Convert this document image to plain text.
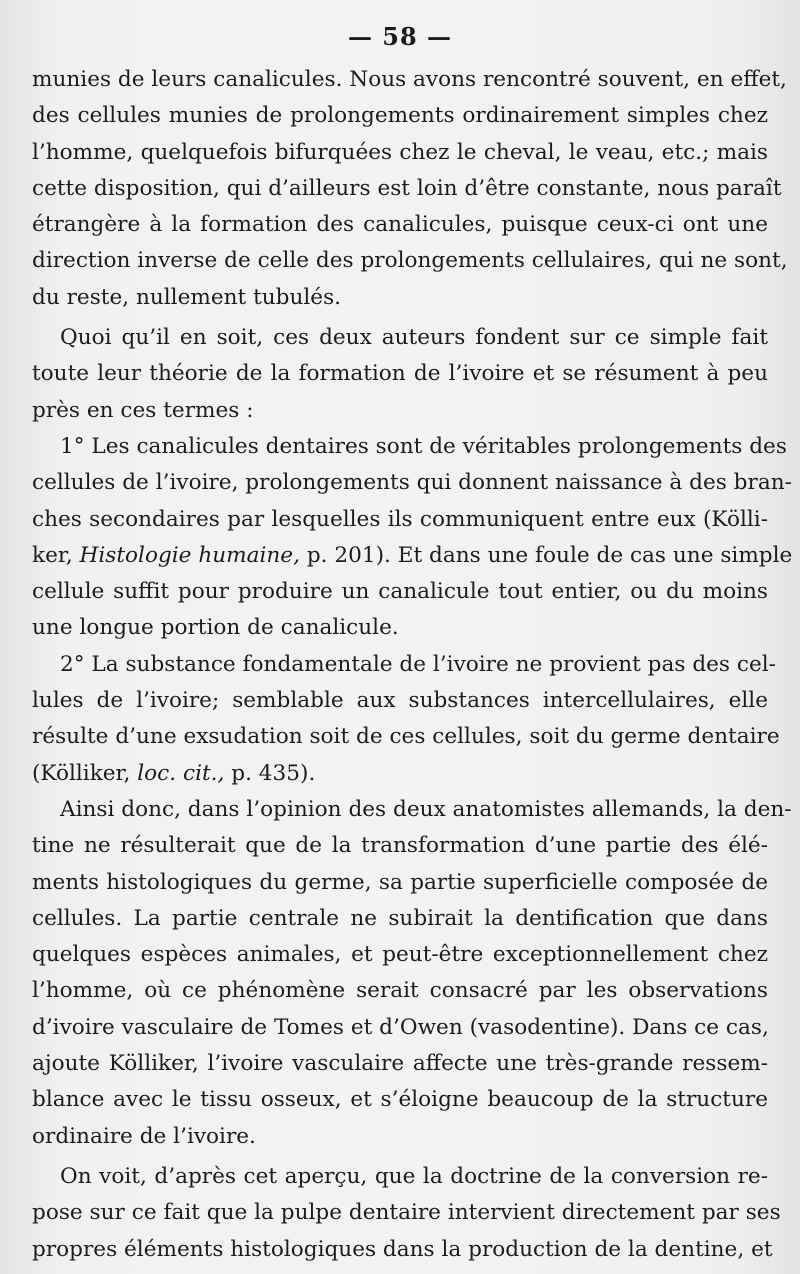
— 58 —
munies de leurs canalicules. Nous avons rencontré souvent, en effet,
des cellules munies de prolongements ordinairement simples chez
l’homme, quelquefois bifurquées chez le cheval, le veau, etc.; mais
cette disposition, qui d’ailleurs est loin d’être constante, nous paraît
étrangère à la formation des canalicules, puisque ceux-ci ont une
direction inverse de celle des prolongements cellulaires, qui ne sont,
du reste, nullement tubulés.
Quoi qu’il en soit, ces deux auteurs fondent sur ce simple fait
toute leur théorie de la formation de l’ivoire et se résument à peu
près en ces termes :
1° Les canalicules dentaires sont de véritables prolongements des
cellules de l’ivoire, prolongements qui donnent naissance à des bran-
ches secondaires par lesquelles ils communiquent entre eux (Kölli-
ker, Histologie humaine, p. 201). Et dans une foule de cas une simple
cellule suffit pour produire un canalicule tout entier, ou du moins
une longue portion de canalicule.
2° La substance fondamentale de l’ivoire ne provient pas des cel-
lules de l’ivoire; semblable aux substances intercellulaires, elle
résulte d’une exsudation soit de ces cellules, soit du germe dentaire
(Kölliker, loc. cit., p. 435).
Ainsi donc, dans l’opinion des deux anatomistes allemands, la den-
tine ne résulterait que de la transformation d’une partie des élé-
ments histologiques du germe, sa partie superficielle composée de
cellules. La partie centrale ne subirait la dentification que dans
quelques espèces animales, et peut-être exceptionnellement chez
l’homme, où ce phénomène serait consacré par les observations
d’ivoire vasculaire de Tomes et d’Owen (vasodentine). Dans ce cas,
ajoute Kölliker, l’ivoire vasculaire affecte une très-grande ressem-
blance avec le tissu osseux, et s’éloigne beaucoup de la structure
ordinaire de l’ivoire.
On voit, d’après cet aperçu, que la doctrine de la conversion re-
pose sur ce fait que la pulpe dentaire intervient directement par ses
propres éléments histologiques dans la production de la dentine, et
